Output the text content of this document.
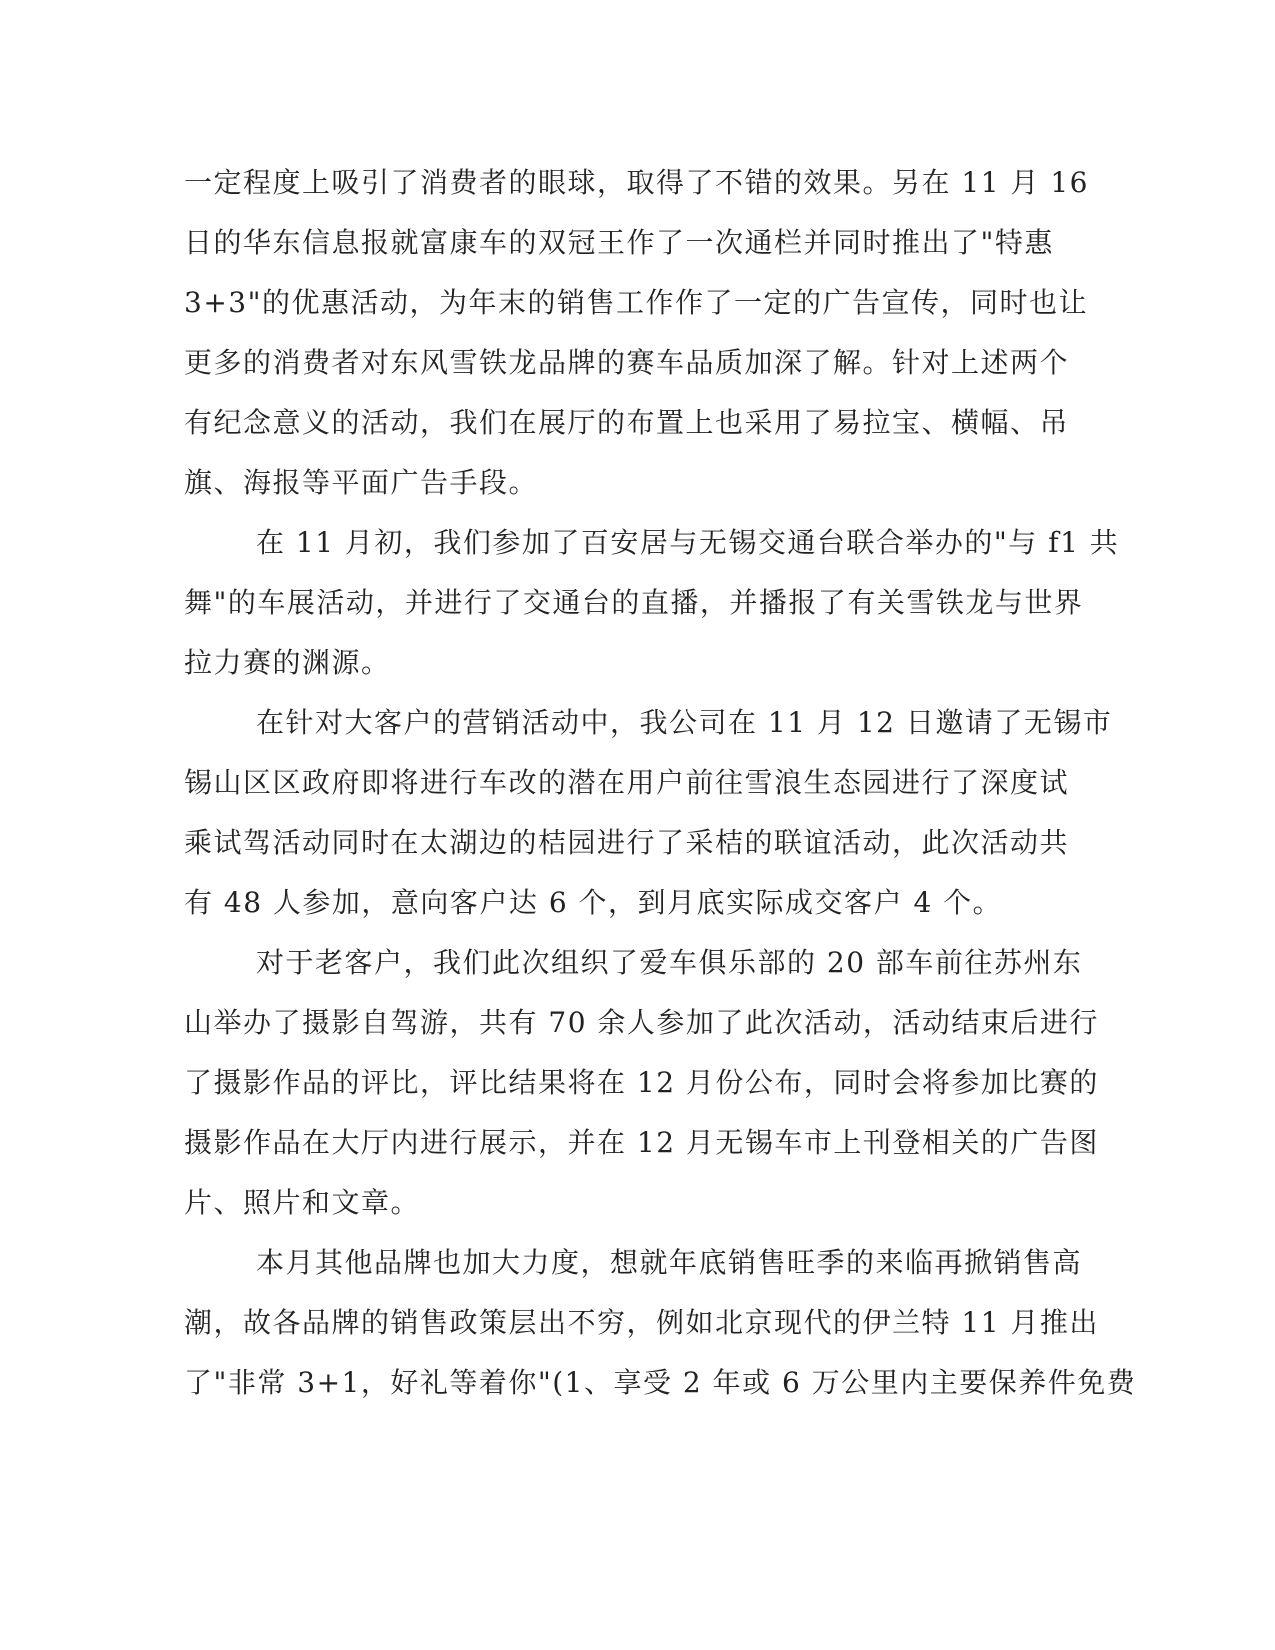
一定程度上吸引了消费者的眼球，取得了不错的效果。另在 11 月 16
日的华东信息报就富康车的双冠王作了一次通栏并同时推出了"特惠
3+3"的优惠活动，为年末的销售工作作了一定的广告宣传，同时也让
更多的消费者对东风雪铁龙品牌的赛车品质加深了解。针对上述两个
有纪念意义的活动，我们在展厅的布置上也采用了易拉宝、横幅、吊
旗、海报等平面广告手段。
在 11 月初，我们参加了百安居与无锡交通台联合举办的"与 f1 共
舞"的车展活动，并进行了交通台的直播，并播报了有关雪铁龙与世界
拉力赛的渊源。
在针对大客户的营销活动中，我公司在 11 月 12 日邀请了无锡市
锡山区区政府即将进行车改的潜在用户前往雪浪生态园进行了深度试
乘试驾活动同时在太湖边的桔园进行了采桔的联谊活动，此次活动共
有 48 人参加，意向客户达 6 个，到月底实际成交客户 4 个。
对于老客户，我们此次组织了爱车俱乐部的 20 部车前往苏州东
山举办了摄影自驾游，共有 70 余人参加了此次活动，活动结束后进行
了摄影作品的评比，评比结果将在 12 月份公布，同时会将参加比赛的
摄影作品在大厅内进行展示，并在 12 月无锡车市上刊登相关的广告图
片、照片和文章。
本月其他品牌也加大力度，想就年底销售旺季的来临再掀销售高
潮，故各品牌的销售政策层出不穷，例如北京现代的伊兰特 11 月推出
了"非常 3+1，好礼等着你"(1、享受 2 年或 6 万公里内主要保养件免费
